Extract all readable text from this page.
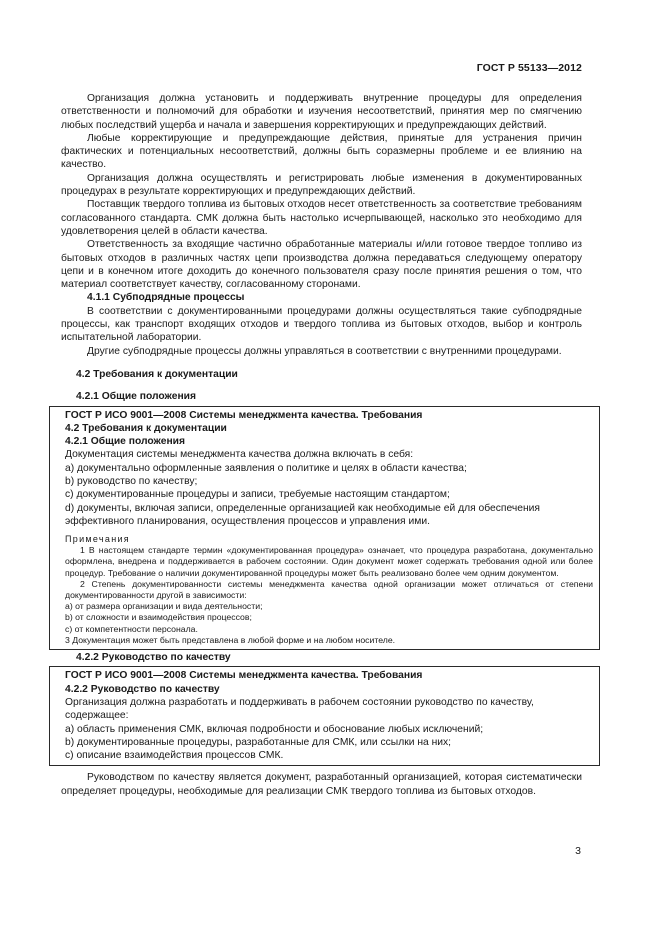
ГОСТ Р 55133—2012

Организация должна установить и поддерживать внутренние процедуры для определения ответственности и полномочий для обработки и изучения несоответствий, принятия мер по смягчению любых последствий ущерба и начала и завершения корректирующих и предупреждающих действий.

Любые корректирующие и предупреждающие действия, принятые для устранения причин фактических и потенциальных несоответствий, должны быть соразмерны проблеме и ее влиянию на качество.

Организация должна осуществлять и регистрировать любые изменения в документированных процедурах в результате корректирующих и предупреждающих действий.

Поставщик твердого топлива из бытовых отходов несет ответственность за соответствие требованиям согласованного стандарта. СМК должна быть настолько исчерпывающей, насколько это необходимо для удовлетворения целей в области качества.

Ответственность за входящие частично обработанные материалы и/или готовое твердое топливо из бытовых отходов в различных частях цепи производства должна передаваться следующему оператору цепи и в конечном итоге доходить до конечного пользователя сразу после принятия решения о том, что материал соответствует качеству, согласованному сторонами.

4.1.1 Субподрядные процессы

В соответствии с документированными процедурами должны осуществляться такие субподрядные процессы, как транспорт входящих отходов и твердого топлива из бытовых отходов, выбор и контроль испытательной лаборатории.

Другие субподрядные процессы должны управляться в соответствии с внутренними процедурами.

4.2 Требования к документации

4.2.1 Общие положения

ГОСТ Р ИСО 9001—2008 Системы менеджмента качества. Требования

4.2 Требования к документации

4.2.1 Общие положения

Документация системы менеджмента качества должна включать в себя:

a) документально оформленные заявления о политике и целях в области качества;

b) руководство по качеству;

c) документированные процедуры и записи, требуемые настоящим стандартом;

d) документы, включая записи, определенные организацией как необходимые ей для обеспечения эффективного планирования, осуществления процессов и управления ими.

Примечания

1 В настоящем стандарте термин «документированная процедура» означает, что процедура разработана, документально оформлена, внедрена и поддерживается в рабочем состоянии. Один документ может содержать требования одной или более процедур. Требование о наличии документированной процедуры может быть реализовано более чем одним документом.

2 Степень документированности системы менеджмента качества одной организации может отличаться от степени документированности другой в зависимости:

a) от размера организации и вида деятельности;

b) от сложности и взаимодействия процессов;

c) от компетентности персонала.

3 Документация может быть представлена в любой форме и на любом носителе.

4.2.2 Руководство по качеству

ГОСТ Р ИСО 9001—2008 Системы менеджмента качества. Требования

4.2.2 Руководство по качеству

Организация должна разработать и поддерживать в рабочем состоянии руководство по качеству, содержащее:

a) область применения СМК, включая подробности и обоснование любых исключений;

b) документированные процедуры, разработанные для СМК, или ссылки на них;

c) описание взаимодействия процессов СМК.

Руководством по качеству является документ, разработанный организацией, которая систематически определяет процедуры, необходимые для реализации СМК твердого топлива из бытовых отходов.

3
